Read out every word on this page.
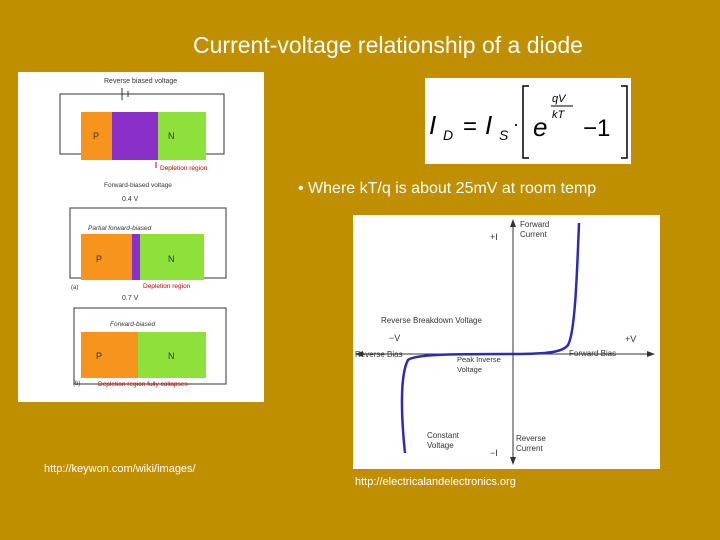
Current-voltage relationship of a diode
Reverse biased voltage
P	N
Depletion region
Forward-biased voltage
0.4 V
Partial forward-biased
P	N
(a)	Depletion region
0.7 V
Forward-biased
P	N
(b)	Depletion region fully collapses
I D = I S
· e
qV
kT −1
• Where kT/q is about 25mV at room temp
Forward Current
+I
Reverse Breakdown Voltage
−V	+V
Reverse Bias	Forward Bias
Peak Inverse Voltage
Constant Voltage
−I
Reverse Current
http://keywon.com/wiki/images/
http://electricalandelectronics.org
